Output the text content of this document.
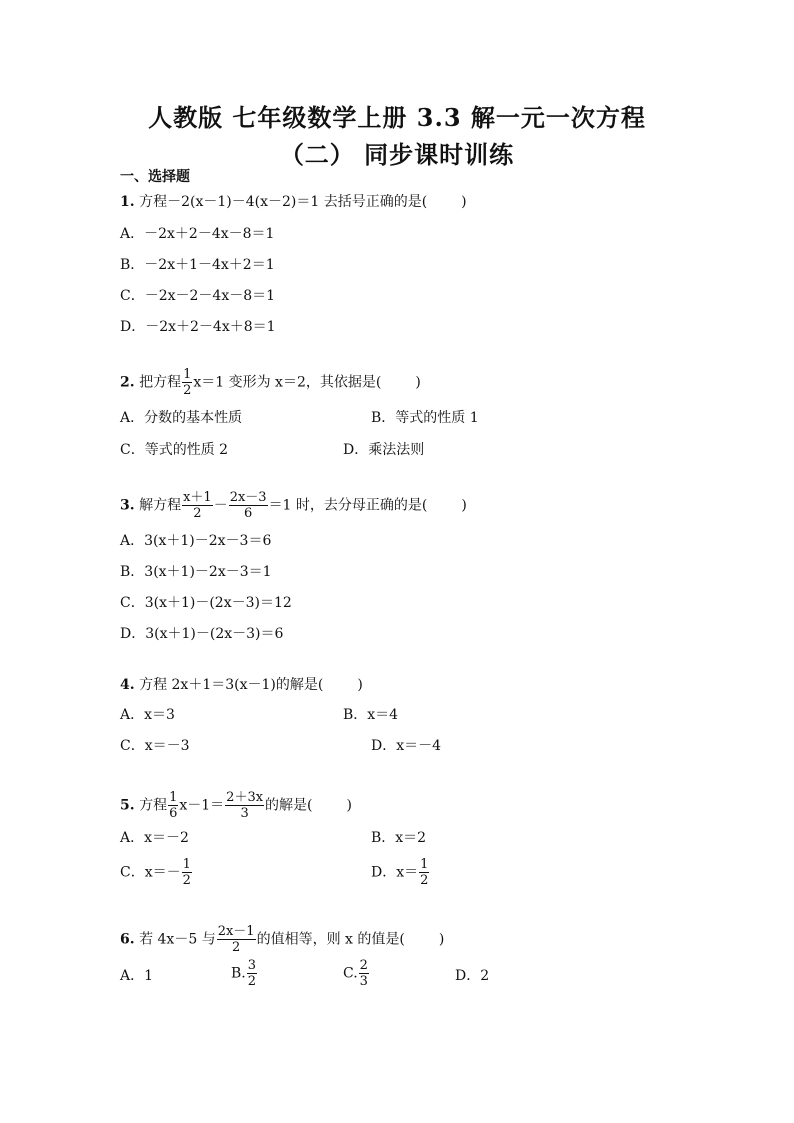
人教版 七年级数学上册 3.3 解一元一次方程
（二） 同步课时训练
一、选择题
1. 方程－2(x－1)－4(x－2)＝1 去括号正确的是( )
A．－2x＋2－4x－8＝1
B．－2x＋1－4x＋2＝1
C．－2x－2－4x－8＝1
D．－2x＋2－4x＋8＝1
2. 把方程 $\frac{1}{2} x=1$ 变形为 x＝2，其依据是( )
A．分数的基本性质	B．等式的性质 1
C．等式的性质 2	D．乘法法则
3. 解方程 $\frac{x+1}{2} - \frac{2x-3}{6} =1$ 时，去分母正确的是( )
A．3(x＋1)－2x－3＝6
B．3(x＋1)－2x－3＝1
C．3(x＋1)－(2x－3)＝12
D．3(x＋1)－(2x－3)＝6
4. 方程 2x＋1＝3(x－1)的解是( )
A．x＝3	B．x＝4
C．x＝－3	D．x＝－4
5. 方程 $\frac{1}{6} x-1= \frac{2+3x}{3}$ 的解是( )
A．x＝－2	B．x＝2
C．$x=- \frac{1}{2}$	D．$x= \frac{1}{2}$
6. 若 4x－5 与 $\frac{2x-1}{2}$ 的值相等，则 x 的值是( )
A．1	B. $\frac{3}{2}$	C. $\frac{2}{3}$	D．2
